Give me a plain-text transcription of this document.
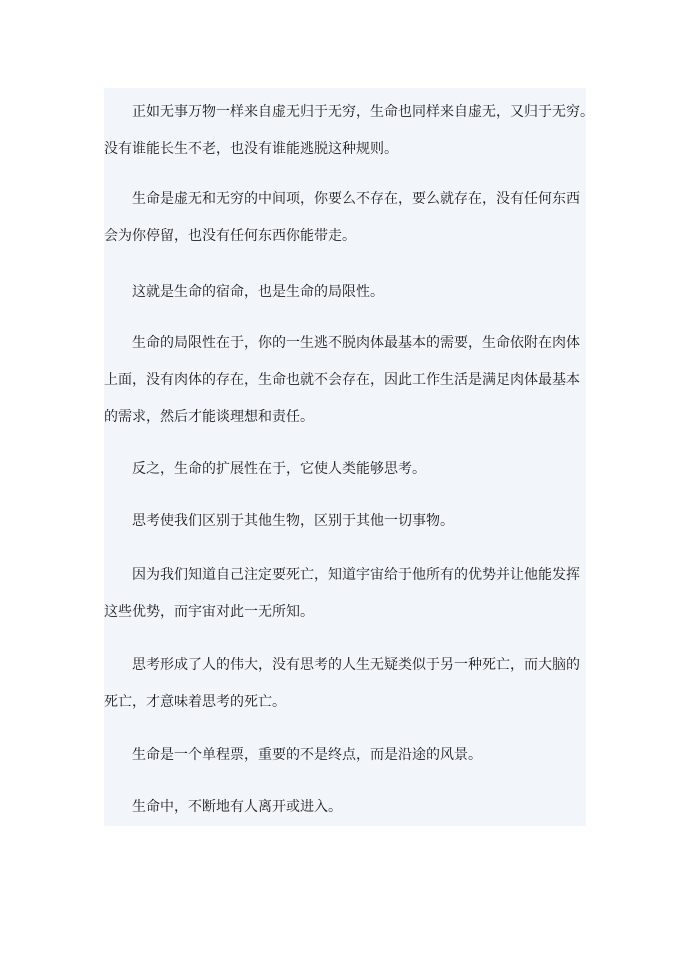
正如无事万物一样来自虚无归于无穷，生命也同样来自虚无，又归于无穷。
没有谁能长生不老，也没有谁能逃脱这种规则。
生命是虚无和无穷的中间项，你要么不存在，要么就存在，没有任何东西
会为你停留，也没有任何东西你能带走。
这就是生命的宿命，也是生命的局限性。
生命的局限性在于，你的一生逃不脱肉体最基本的需要，生命依附在肉体
上面，没有肉体的存在，生命也就不会存在，因此工作生活是满足肉体最基本
的需求，然后才能谈理想和责任。
反之，生命的扩展性在于，它使人类能够思考。
思考使我们区别于其他生物，区别于其他一切事物。
因为我们知道自己注定要死亡，知道宇宙给于他所有的优势并让他能发挥
这些优势，而宇宙对此一无所知。
思考形成了人的伟大，没有思考的人生无疑类似于另一种死亡，而大脑的
死亡，才意味着思考的死亡。
生命是一个单程票，重要的不是终点，而是沿途的风景。
生命中，不断地有人离开或进入。
